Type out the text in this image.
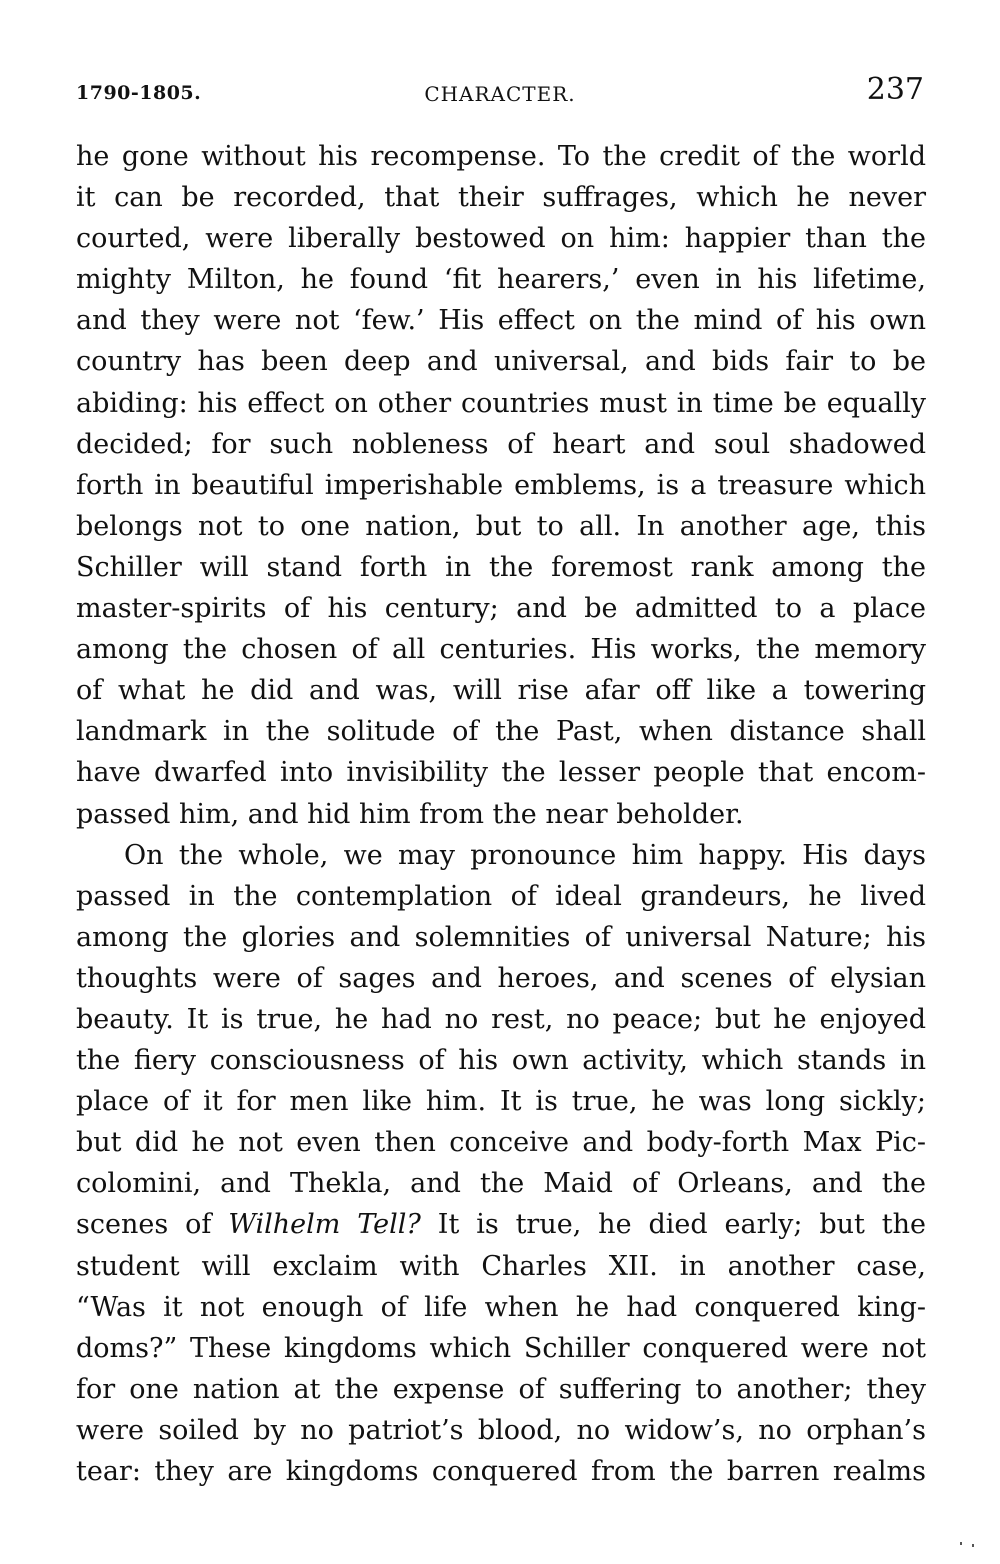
1790-1805.	CHARACTER.	237
he gone without his recompense. To the credit of the world
it can be recorded, that their suffrages, which he never
courted, were liberally bestowed on him: happier than the
mighty Milton, he found ‘fit hearers,’ even in his lifetime,
and they were not ‘few.’ His effect on the mind of his own
country has been deep and universal, and bids fair to be
abiding: his effect on other countries must in time be equally
decided; for such nobleness of heart and soul shadowed
forth in beautiful imperishable emblems, is a treasure which
belongs not to one nation, but to all. In another age, this
Schiller will stand forth in the foremost rank among the
master-spirits of his century; and be admitted to a place
among the chosen of all centuries. His works, the memory
of what he did and was, will rise afar off like a towering
landmark in the solitude of the Past, when distance shall
have dwarfed into invisibility the lesser people that encom-
passed him, and hid him from the near beholder.
On the whole, we may pronounce him happy. His days
passed in the contemplation of ideal grandeurs, he lived
among the glories and solemnities of universal Nature; his
thoughts were of sages and heroes, and scenes of elysian
beauty. It is true, he had no rest, no peace; but he enjoyed
the fiery consciousness of his own activity, which stands in
place of it for men like him. It is true, he was long sickly;
but did he not even then conceive and body-forth Max Pic-
colomini, and Thekla, and the Maid of Orleans, and the
scenes of Wilhelm Tell? It is true, he died early; but the
student will exclaim with Charles XII. in another case,
“Was it not enough of life when he had conquered king-
doms?” These kingdoms which Schiller conquered were not
for one nation at the expense of suffering to another; they
were soiled by no patriot’s blood, no widow’s, no orphan’s
tear: they are kingdoms conquered from the barren realms
